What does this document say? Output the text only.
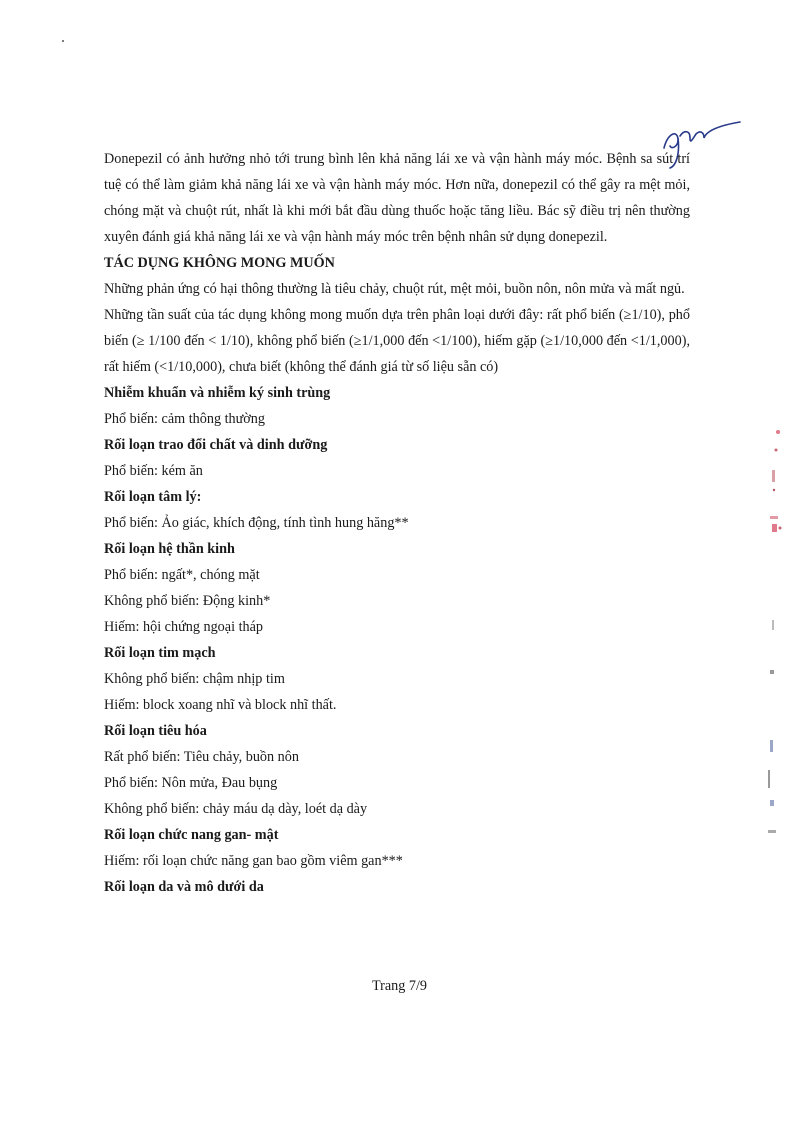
Donepezil có ảnh hưởng nhỏ tới trung bình lên khả năng lái xe và vận hành máy móc. Bệnh sa sút trí tuệ có thể làm giảm khả năng lái xe và vận hành máy móc. Hơn nữa, donepezil có thể gây ra mệt mỏi, chóng mặt và chuột rút, nhất là khi mới bắt đầu dùng thuốc hoặc tăng liều. Bác sỹ điều trị nên thường xuyên đánh giá khả năng lái xe và vận hành máy móc trên bệnh nhân sử dụng donepezil.

TÁC DỤNG KHÔNG MONG MUỐN

Những phản ứng có hại thông thường là tiêu chảy, chuột rút, mệt mỏi, buồn nôn, nôn mửa và mất ngủ.

Những tần suất của tác dụng không mong muốn dựa trên phân loại dưới đây: rất phổ biến (≥1/10), phổ biến (≥ 1/100 đến < 1/10), không phổ biến (≥1/1,000 đến <1/100), hiếm gặp (≥1/10,000 đến <1/1,000), rất hiếm (<1/10,000), chưa biết (không thể đánh giá từ số liệu sẵn có)

Nhiễm khuẩn và nhiễm ký sinh trùng

Phổ biến: cảm thông thường

Rối loạn trao đổi chất và dinh dưỡng

Phổ biến: kém ăn

Rối loạn tâm lý:

Phổ biến: Ảo giác, khích động, tính tình hung hăng**

Rối loạn hệ thần kinh

Phổ biến: ngất*, chóng mặt

Không phổ biến: Động kinh*

Hiếm: hội chứng ngoại tháp

Rối loạn tim mạch

Không phổ biến: chậm nhịp tim

Hiếm: block xoang nhĩ và block nhĩ thất.

Rối loạn tiêu hóa

Rất phổ biến: Tiêu chảy, buồn nôn

Phổ biến: Nôn mửa, Đau bụng

Không phổ biến: chảy máu dạ dày, loét dạ dày

Rối loạn chức nang gan- mật

Hiếm: rối loạn chức năng gan bao gồm viêm gan***

Rối loạn da và mô dưới da

Trang 7/9
